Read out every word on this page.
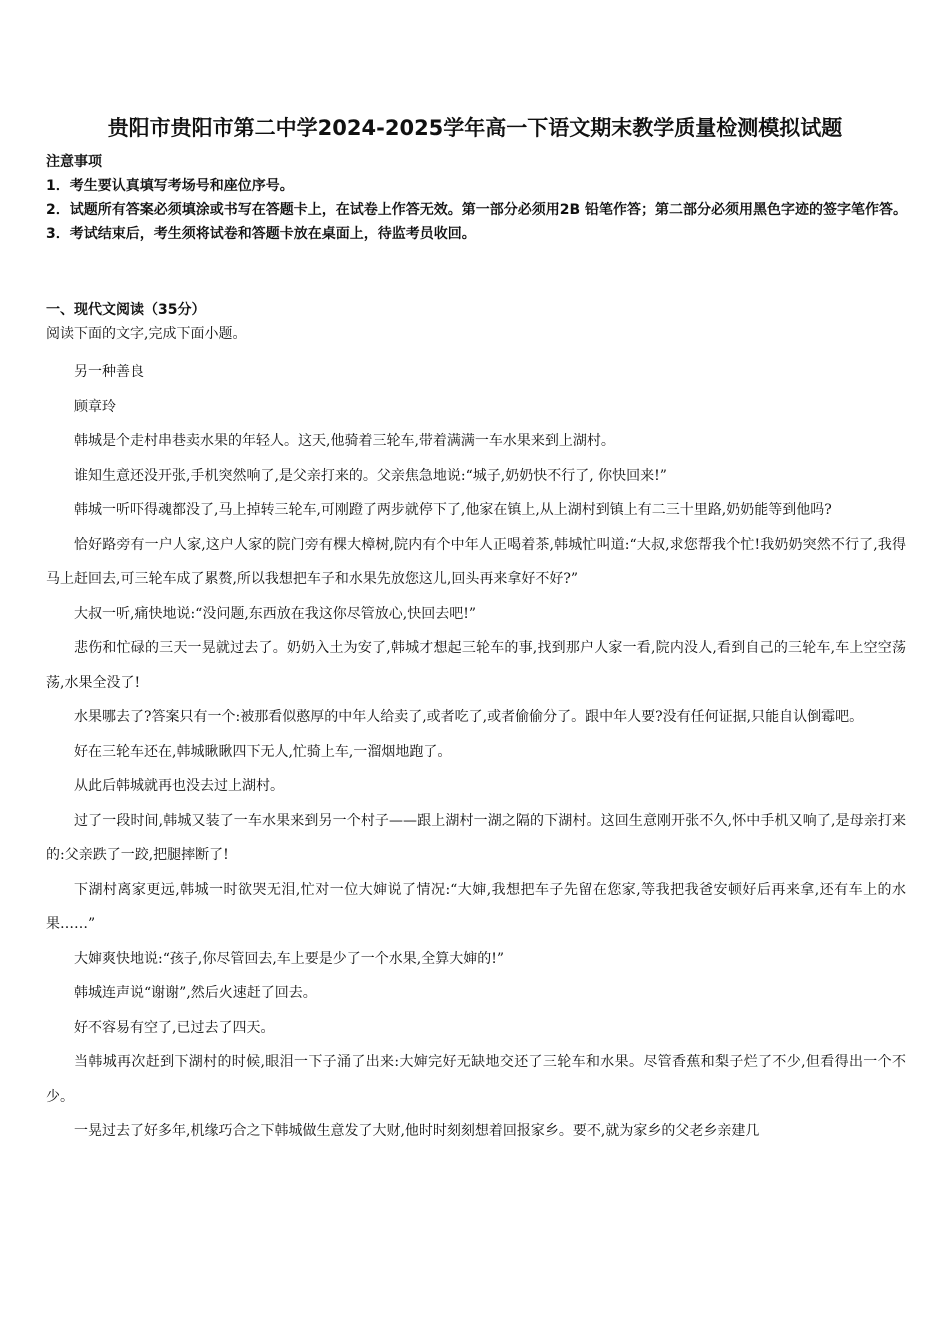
贵阳市贵阳市第二中学2024-2025学年高一下语文期末教学质量检测模拟试题

注意事项

1．考生要认真填写考场号和座位序号。

2．试题所有答案必须填涂或书写在答题卡上，在试卷上作答无效。第一部分必须用2B 铅笔作答；第二部分必须用黑色字迹的签字笔作答。

3．考试结束后，考生须将试卷和答题卡放在桌面上，待监考员收回。

一、现代文阅读（35分）
阅读下面的文字,完成下面小题。

另一种善良

顾章玲

韩城是个走村串巷卖水果的年轻人。这天,他骑着三轮车,带着满满一车水果来到上湖村。

谁知生意还没开张,手机突然响了,是父亲打来的。父亲焦急地说:“城子,奶奶快不行了, 你快回来!”

韩城一听吓得魂都没了,马上掉转三轮车,可刚蹬了两步就停下了,他家在镇上,从上湖村到镇上有二三十里路,奶奶能等到他吗?

恰好路旁有一户人家,这户人家的院门旁有棵大樟树,院内有个中年人正喝着茶,韩城忙叫道:“大叔,求您帮我个忙!我奶奶突然不行了,我得马上赶回去,可三轮车成了累赘,所以我想把车子和水果先放您这儿,回头再来拿好不好?”

大叔一听,痛快地说:“没问题,东西放在我这你尽管放心,快回去吧!”

悲伤和忙碌的三天一晃就过去了。奶奶入土为安了,韩城才想起三轮车的事,找到那户人家一看,院内没人,看到自己的三轮车,车上空空荡荡,水果全没了!

水果哪去了?答案只有一个:被那看似憨厚的中年人给卖了,或者吃了,或者偷偷分了。跟中年人要?没有任何证据,只能自认倒霉吧。

好在三轮车还在,韩城瞅瞅四下无人,忙骑上车,一溜烟地跑了。

从此后韩城就再也没去过上湖村。

过了一段时间,韩城又装了一车水果来到另一个村子——跟上湖村一湖之隔的下湖村。这回生意刚开张不久,怀中手机又响了,是母亲打来的:父亲跌了一跤,把腿摔断了!

下湖村离家更远,韩城一时欲哭无泪,忙对一位大婶说了情况:“大婶,我想把车子先留在您家,等我把我爸安顿好后再来拿,还有车上的水果……”

大婶爽快地说:“孩子,你尽管回去,车上要是少了一个水果,全算大婶的!”

韩城连声说“谢谢”,然后火速赶了回去。

好不容易有空了,已过去了四天。

当韩城再次赶到下湖村的时候,眼泪一下子涌了出来:大婶完好无缺地交还了三轮车和水果。尽管香蕉和梨子烂了不少,但看得出一个不少。

一晃过去了好多年,机缘巧合之下韩城做生意发了大财,他时时刻刻想着回报家乡。要不,就为家乡的父老乡亲建几
